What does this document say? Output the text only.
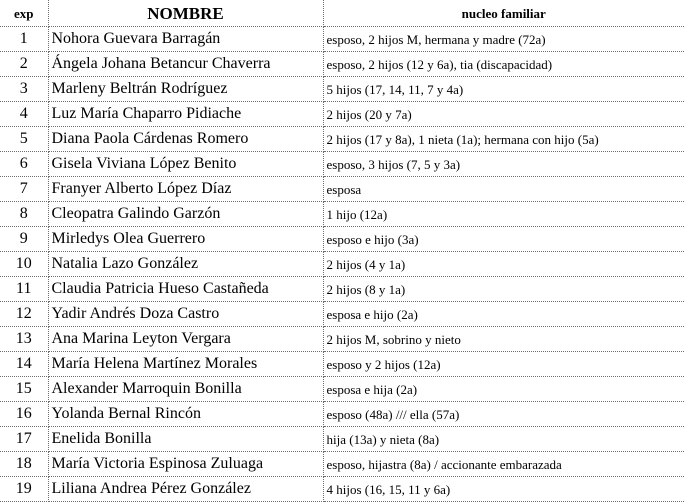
exp	NOMBRE	nucleo familiar
1	Nohora Guevara Barragán	esposo, 2 hijos M, hermana y madre (72a)
2	Ángela Johana Betancur Chaverra	esposo, 2 hijos (12 y 6a), tia (discapacidad)
3	Marleny Beltrán Rodríguez	5 hijos (17, 14, 11, 7 y 4a)
4	Luz María Chaparro Pidiache	2 hijos (20 y 7a)
5	Diana Paola Cárdenas Romero	2 hijos (17 y 8a), 1 nieta (1a); hermana con hijo (5a)
6	Gisela Viviana López Benito	esposo, 3 hijos (7, 5 y 3a)
7	Franyer Alberto López Díaz	esposa
8	Cleopatra Galindo Garzón	1 hijo (12a)
9	Mirledys Olea Guerrero	esposo e hijo (3a)
10	Natalia Lazo González	2 hijos (4 y 1a)
11	Claudia Patricia Hueso Castañeda	2 hijos (8 y 1a)
12	Yadir Andrés Doza Castro	esposa e hijo (2a)
13	Ana Marina Leyton Vergara	2 hijos M, sobrino y nieto
14	María Helena Martínez Morales	esposo y 2 hijos (12a)
15	Alexander Marroquin Bonilla	esposa e hija (2a)
16	Yolanda Bernal Rincón	esposo (48a) /// ella (57a)
17	Enelida Bonilla	hija (13a) y nieta (8a)
18	María Victoria Espinosa Zuluaga	esposo, hijastra (8a) / accionante embarazada
19	Liliana Andrea Pérez González	4 hijos (16, 15, 11 y 6a)
